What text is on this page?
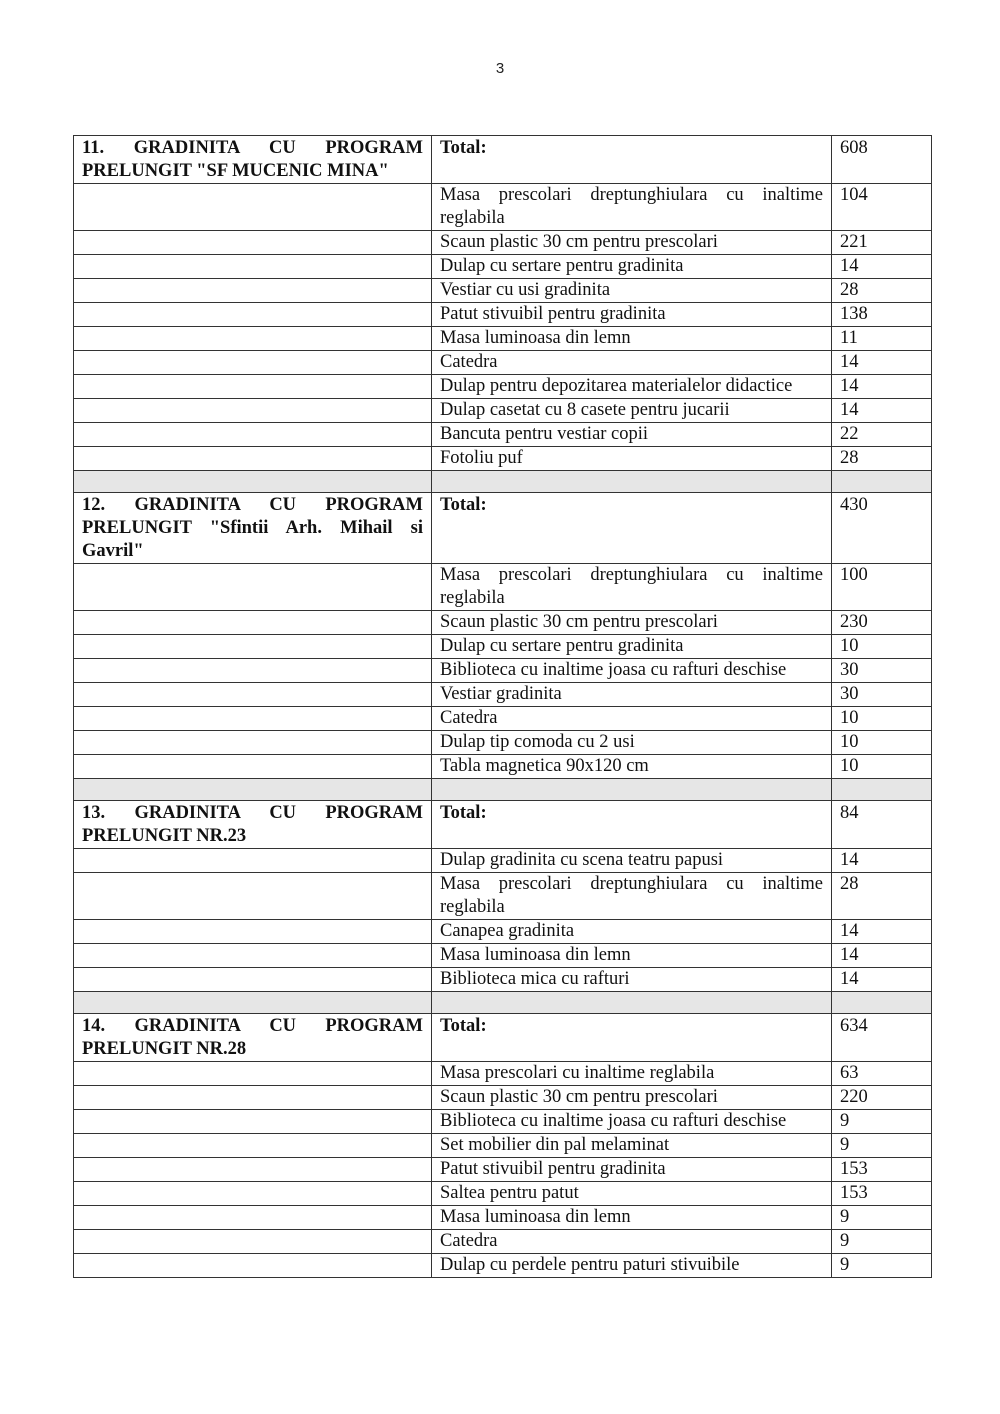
3
11. GRADINITA CU PROGRAM PRELUNGIT "SF MUCENIC MINA"	Total:	608
	Masa prescolari dreptunghiulara cu inaltime reglabila	104
	Scaun plastic 30 cm pentru prescolari	221
	Dulap cu sertare pentru gradinita	14
	Vestiar cu usi gradinita	28
	Patut stivuibil pentru gradinita	138
	Masa luminoasa din lemn	11
	Catedra	14
	Dulap pentru depozitarea materialelor didactice	14
	Dulap casetat cu 8 casete pentru jucarii	14
	Bancuta pentru vestiar copii	22
	Fotoliu puf	28

12. GRADINITA CU PROGRAM PRELUNGIT "Sfintii Arh. Mihail si Gavril"	Total:	430
	Masa prescolari dreptunghiulara cu inaltime reglabila	100
	Scaun plastic 30 cm pentru prescolari	230
	Dulap cu sertare pentru gradinita	10
	Biblioteca cu inaltime joasa cu rafturi deschise	30
	Vestiar gradinita	30
	Catedra	10
	Dulap tip comoda cu 2 usi	10
	Tabla magnetica 90x120 cm	10

13. GRADINITA CU PROGRAM PRELUNGIT NR.23	Total:	84
	Dulap gradinita cu scena teatru papusi	14
	Masa prescolari dreptunghiulara cu inaltime reglabila	28
	Canapea gradinita	14
	Masa luminoasa din lemn	14
	Biblioteca mica cu rafturi	14

14. GRADINITA CU PROGRAM PRELUNGIT NR.28	Total:	634
	Masa prescolari cu inaltime reglabila	63
	Scaun plastic 30 cm pentru prescolari	220
	Biblioteca cu inaltime joasa cu rafturi deschise	9
	Set mobilier din pal melaminat	9
	Patut stivuibil pentru gradinita	153
	Saltea pentru patut	153
	Masa luminoasa din lemn	9
	Catedra	9
	Dulap cu perdele pentru paturi stivuibile	9
